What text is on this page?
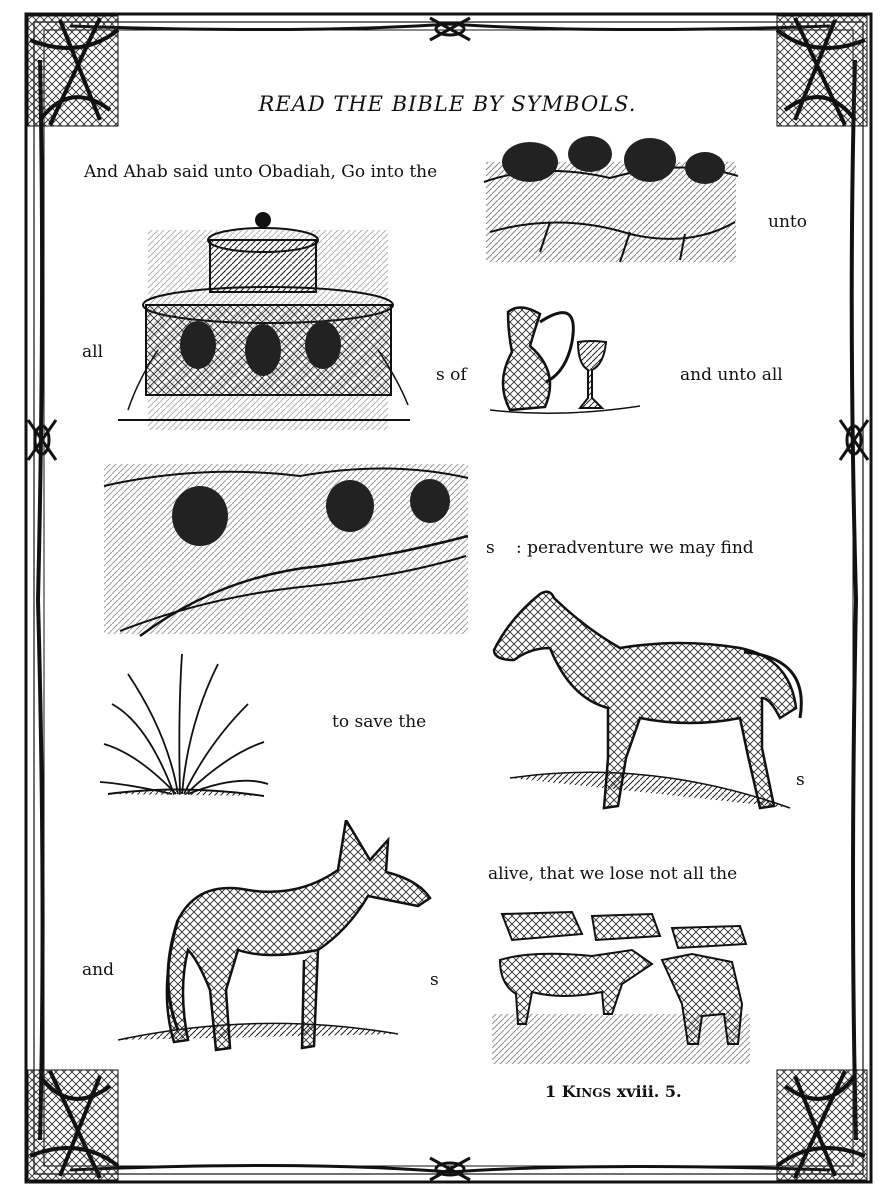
READ THE BIBLE BY SYMBOLS.
And Ahab said unto Obadiah, Go into the
unto
all
s of	and unto all
s : peradventure we may find
s
to save the
alive, that we lose not all the
and	s
1 KINGS xviii. 5.
